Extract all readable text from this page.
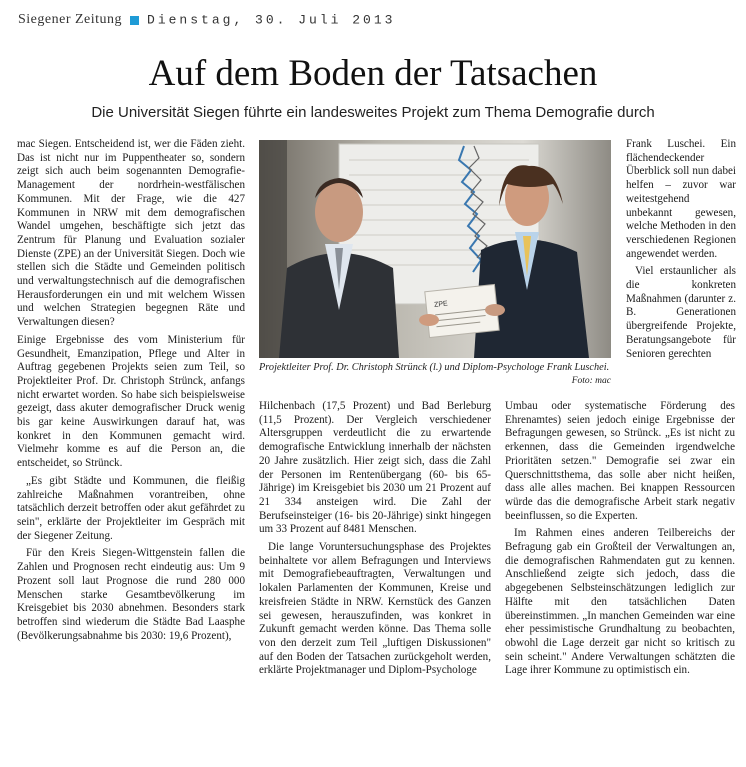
Siegener Zeitung Dienstag, 30. Juli 2013
Auf dem Boden der Tatsachen

Die Universität Siegen führte ein landesweites Projekt zum Thema Demografie durch

mac Siegen. Entscheidend ist, wer die Fäden zieht. Das ist nicht nur im Puppentheater so, sondern zeigt sich auch beim sogenannten Demografie-Management der nordrhein-westfälischen Kommunen. Mit der Frage, wie die 427 Kommunen in NRW mit dem demografischen Wandel umgehen, beschäftigte sich jetzt das Zentrum für Planung und Evaluation sozialer Dienste (ZPE) an der Universität Siegen. Doch wie stellen sich die Städte und Gemeinden politisch und verwaltungstechnisch auf die demografischen Herausforderungen ein und mit welchem Wissen und welchen Strategien begegnen Räte und Verwaltungen diesen?

Einige Ergebnisse des vom Ministerium für Gesundheit, Emanzipation, Pflege und Alter in Auftrag gegebenen Projekts seien zum Teil, so Projektleiter Prof. Dr. Christoph Strünck, anfangs nicht erwartet worden. So habe sich beispielsweise gezeigt, dass akuter demografischer Druck wenig bis gar keine Auswirkungen darauf hat, was konkret in den Kommunen gemacht wird. Vielmehr komme es auf die Person an, die entscheidet, so Strünck.

„Es gibt Städte und Kommunen, die fleißig zahlreiche Maßnahmen vorantreiben, ohne tatsächlich derzeit betroffen oder akut gefährdet zu sein", erklärte der Projektleiter im Gespräch mit der Siegener Zeitung.

Für den Kreis Siegen-Wittgenstein fallen die Zahlen und Prognosen recht eindeutig aus: Um 9 Prozent soll laut Prognose die rund 280 000 Menschen starke Gesamtbevölkerung im Kreisgebiet bis 2030 abnehmen. Besonders stark betroffen sind wiederum die Städte Bad Laasphe (Bevölkerungsabnahme bis 2030: 19,6 Prozent),

ZPE
Projektleiter Prof. Dr. Christoph Strünck (l.) und Diplom-Psychologe Frank Luschei.
Foto: mac

Hilchenbach (17,5 Prozent) und Bad Berleburg (11,5 Prozent). Der Vergleich verschiedener Altersgruppen verdeutlicht die zu erwartende demografische Entwicklung innerhalb der nächsten 20 Jahre zusätzlich. Hier zeigt sich, dass die Zahl der Personen im Rentenübergang (60- bis 65-Jährige) im Kreisgebiet bis 2030 um 21 Prozent auf 21 334 ansteigen wird. Die Zahl der Berufseinsteiger (16- bis 20-Jährige) sinkt hingegen um 33 Prozent auf 8481 Menschen.

Die lange Voruntersuchungsphase des Projektes beinhaltete vor allem Befragungen und Interviews mit Demografiebeauftragten, Verwaltungen und lokalen Parlamenten der Kommunen, Kreise und kreisfreien Städte in NRW. Kernstück des Ganzen sei gewesen, herauszufinden, was konkret in Zukunft gemacht werden könne. Das Thema solle von den derzeit zum Teil „luftigen Diskussionen" auf den Boden der Tatsachen zurückgeholt werden, erklärte Projektmanager und Diplom-Psychologe

Umbau oder systematische Förderung des Ehrenamtes) seien jedoch einige Ergebnisse der Befragungen gewesen, so Strünck. „Es ist nicht zu erkennen, dass die Gemeinden irgendwelche Prioritäten setzen." Demografie sei zwar ein Querschnittsthema, das solle aber nicht heißen, dass alle alles machen. Bei knappen Ressourcen würde das die demografische Arbeit stark negativ beeinflussen, so die Experten.

Im Rahmen eines anderen Teilbereichs der Befragung gab ein Großteil der Verwaltungen an, die demografischen Rahmendaten gut zu kennen. Anschließend zeigte sich jedoch, dass die abgegebenen Selbsteinschätzungen lediglich zur Hälfte mit den tatsächlichen Daten übereinstimmen. „In manchen Gemeinden war eine eher pessimistische Grundhaltung zu beobachten, obwohl die Lage derzeit gar nicht so kritisch zu sein scheint." Andere Verwaltungen schätzten die Lage ihrer Kommune zu optimistisch ein.

Frank Luschei. Ein flächendeckender Überblick soll nun dabei helfen – zuvor war weitestgehend unbekannt gewesen, welche Methoden in den verschiedenen Regionen angewendet werden.

Viel erstaunlicher als die konkreten Maßnahmen (darunter z. B. Generationen übergreifende Projekte, Beratungsangebote für Senioren gerechten
